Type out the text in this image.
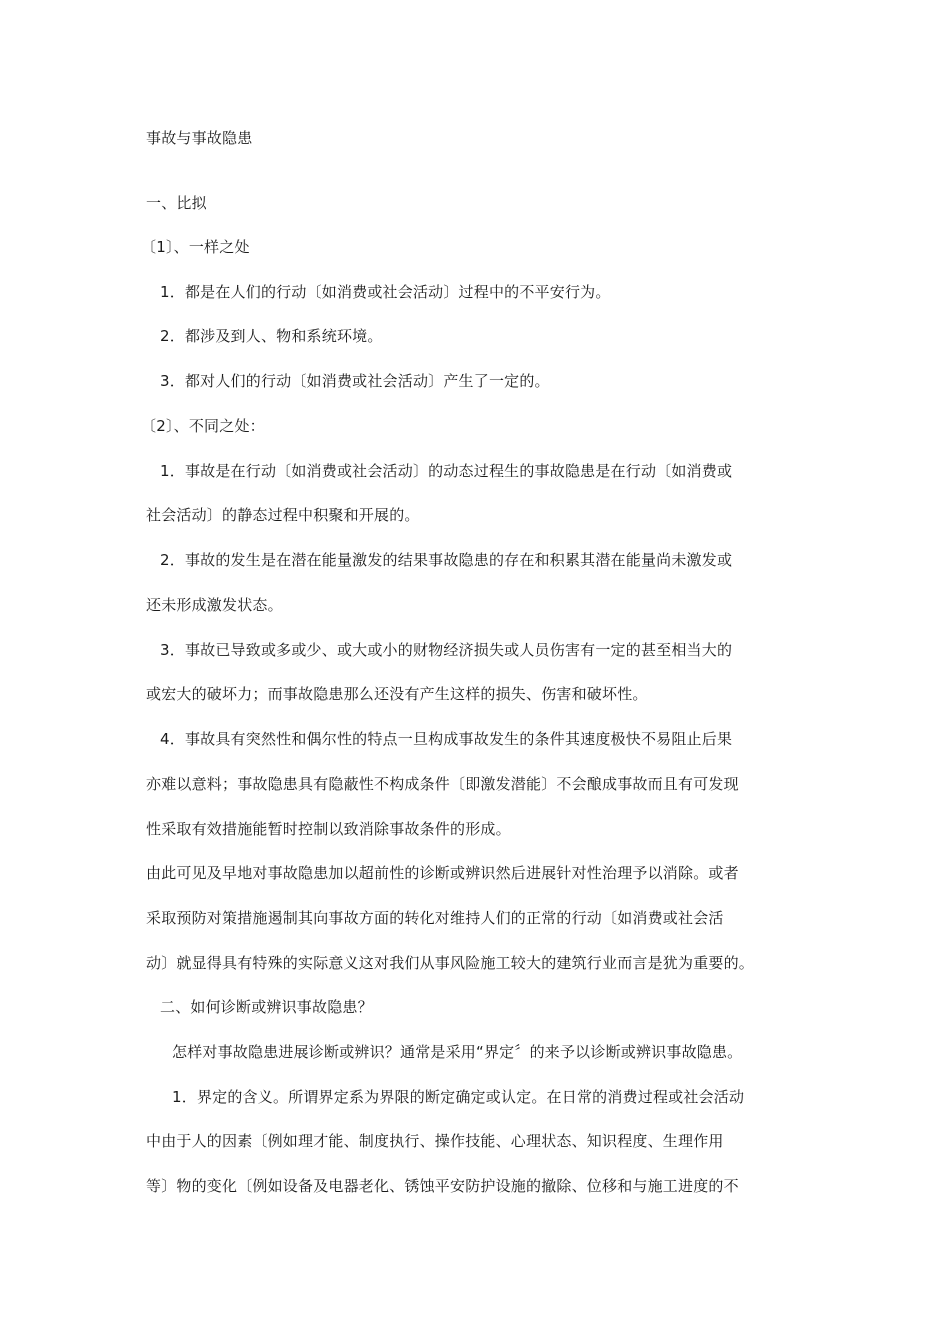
事故与事故隐患
一、比拟
〔1〕、一样之处
1．都是在人们的行动〔如消费或社会活动〕过程中的不平安行为。
2．都涉及到人、物和系统环境。
3．都对人们的行动〔如消费或社会活动〕产生了一定的。
〔2〕、不同之处：
1．事故是在行动〔如消费或社会活动〕的动态过程生的事故隐患是在行动〔如消费或
社会活动〕的静态过程中积聚和开展的。
2．事故的发生是在潜在能量激发的结果事故隐患的存在和积累其潜在能量尚未激发或
还未形成激发状态。
3．事故已导致或多或少、或大或小的财物经济损失或人员伤害有一定的甚至相当大的
或宏大的破坏力；而事故隐患那么还没有产生这样的损失、伤害和破坏性。
4．事故具有突然性和偶尔性的特点一旦构成事故发生的条件其速度极快不易阻止后果
亦难以意料；事故隐患具有隐蔽性不构成条件〔即激发潜能〕不会酿成事故而且有可发现
性采取有效措施能暂时控制以致消除事故条件的形成。
由此可见及早地对事故隐患加以超前性的诊断或辨识然后进展针对性治理予以消除。或者
采取预防对策措施遏制其向事故方面的转化对维持人们的正常的行动〔如消费或社会活
动〕就显得具有特殊的实际意义这对我们从事风险施工较大的建筑行业而言是犹为重要的。
二、如何诊断或辨识事故隐患？
怎样对事故隐患进展诊断或辨识？通常是采用“界定〞的来予以诊断或辨识事故隐患。
1．界定的含义。所谓界定系为界限的断定确定或认定。在日常的消费过程或社会活动
中由于人的因素〔例如理才能、制度执行、操作技能、心理状态、知识程度、生理作用
等〕物的变化〔例如设备及电器老化、锈蚀平安防护设施的撤除、位移和与施工进度的不
